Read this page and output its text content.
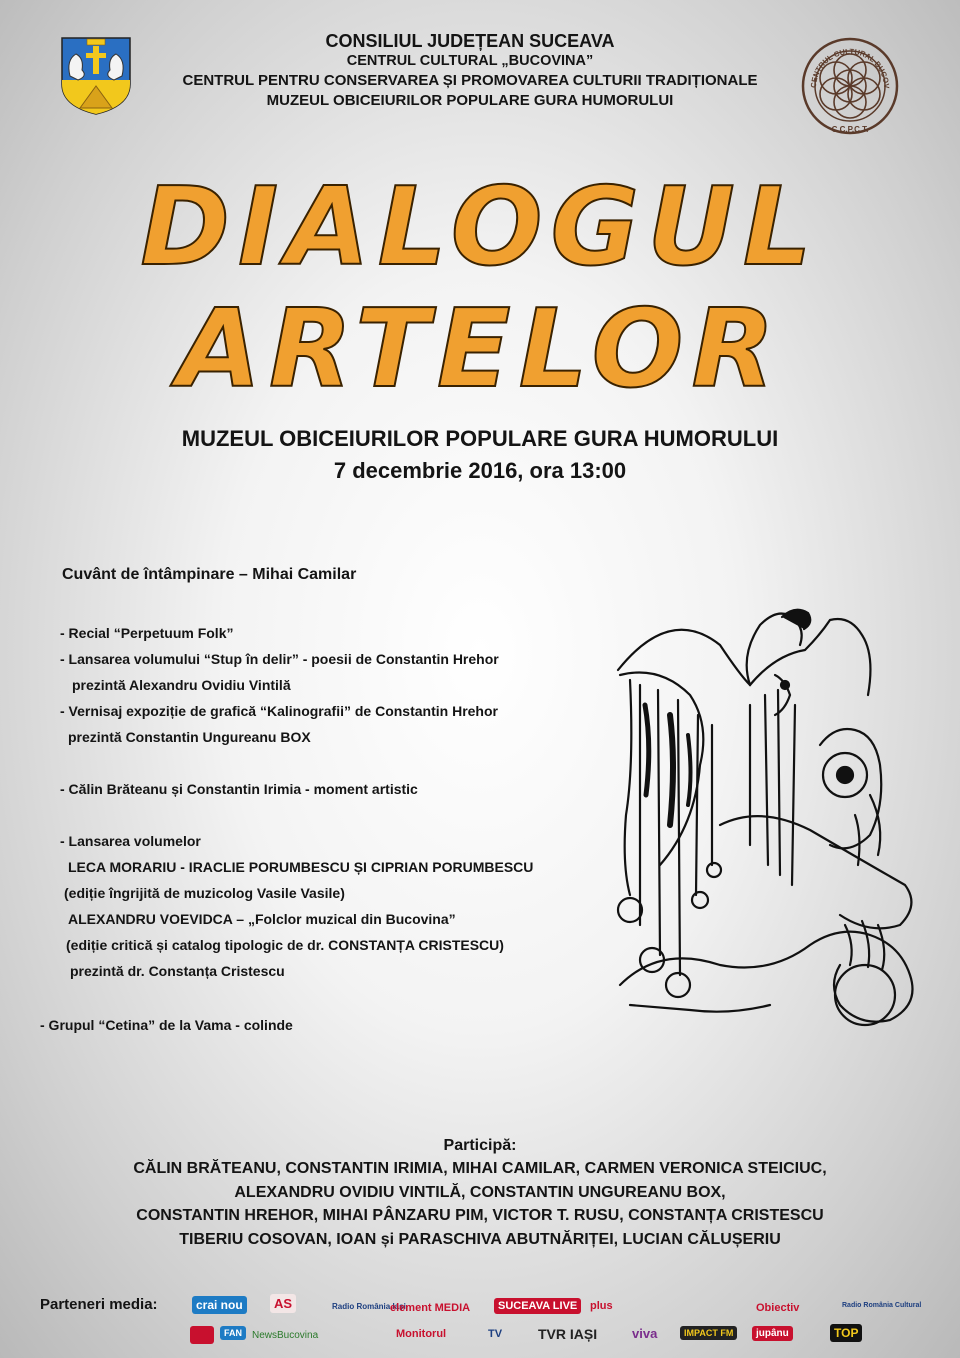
CONSILIUL JUDEȚEAN SUCEAVA
CENTRUL CULTURAL „BUCOVINA”
CENTRUL PENTRU CONSERVAREA ȘI PROMOVAREA CULTURII TRADIȚIONALE
MUZEUL OBICEIURILOR POPULARE GURA HUMORULUI
CENTRUL CULTURAL BUCOV
C.C.P.C.T.
DIALOGUL
ARTELOR
MUZEUL OBICEIURILOR POPULARE GURA HUMORULUI
7 decembrie 2016, ora 13:00
Cuvânt de întâmpinare – Mihai Camilar
- Recial “Perpetuum Folk”
- Lansarea volumului “Stup în delir” - poesii de Constantin Hrehor
prezintă Alexandru Ovidiu Vintilă
- Vernisaj expoziție de grafică “Kalinografii” de Constantin Hrehor
prezintă Constantin Ungureanu BOX
- Călin Brăteanu și Constantin Irimia - moment artistic
- Lansarea volumelor
LECA MORARIU - IRACLIE PORUMBESCU ȘI CIPRIAN PORUMBESCU
(ediție îngrijită de muzicolog Vasile Vasile)
ALEXANDRU VOEVIDCA – „Folclor muzical din Bucovina”
(ediție critică și catalog tipologic de dr. CONSTANȚA CRISTESCU)
prezintă dr. Constanța Cristescu
- Grupul “Cetina” de la Vama - colinde
Participă:
CĂLIN BRĂTEANU, CONSTANTIN IRIMIA, MIHAI CAMILAR, CARMEN VERONICA STEICIUC,
ALEXANDRU OVIDIU VINTILĂ, CONSTANTIN UNGUREANU BOX,
CONSTANTIN HREHOR, MIHAI PÂNZARU PIM, VICTOR T. RUSU, CONSTANȚA CRISTESCU
TIBERIU COSOVAN, IOAN și PARASCHIVA ABUTNĂRIȚEI, LUCIAN CĂLUȘERIU
Parteneri media:	crai nou	AS	Radio România Iași
element MEDIA	SUCEAVA LIVE	plus	Obiectiv	Radio România Cultural
FAN	NewsBucovina	Monitorul	TV	TVR IAȘI	viva	IMPACT FM	jupânu	TOP
